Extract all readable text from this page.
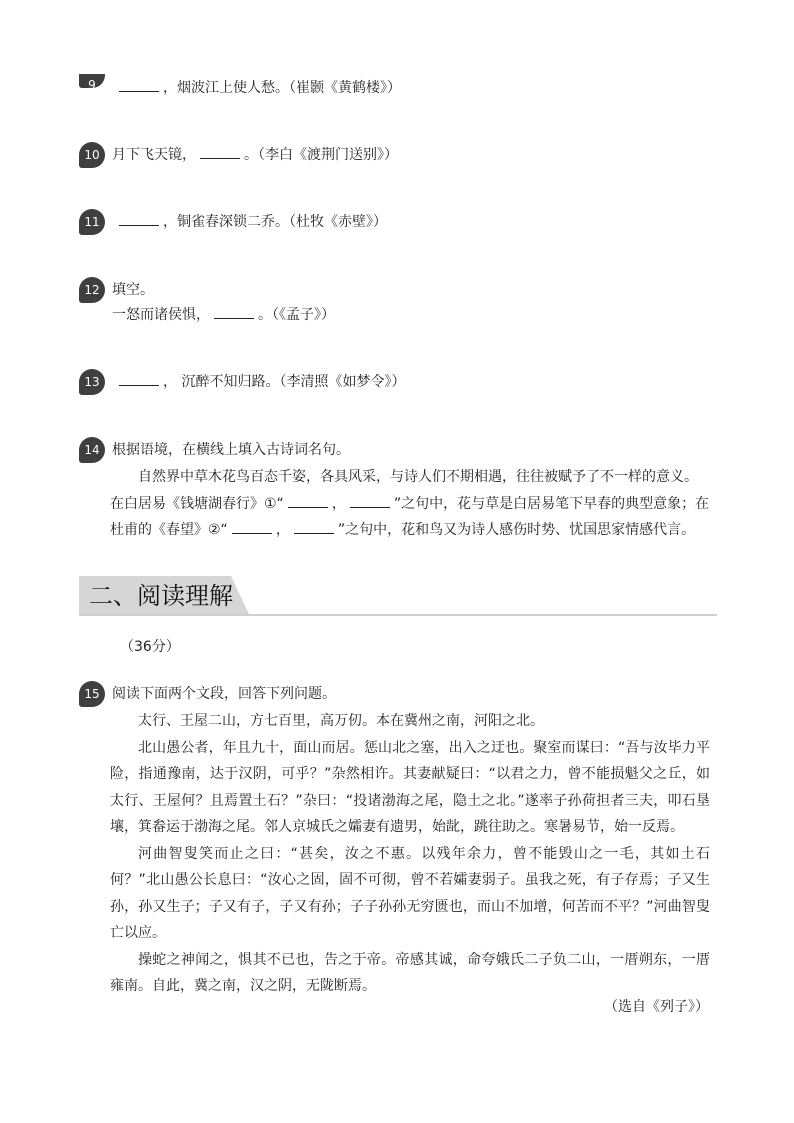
9	，烟波江上使人愁。（崔颢《黄鹤楼》）
10 月下飞天镜，	。（李白《渡荆门送别》）
11	，铜雀春深锁二乔。（杜牧《赤壁》）
12 填空。
一怒而诸侯惧，	。（《孟子》）
13	， 沉醉不知归路。（李清照《如梦令》）
14 根据语境，在横线上填入古诗词名句。
自然界中草木花鸟百态千姿，各具风采，与诗人们不期相遇，往往被赋予了不一样的意义。
在白居易《钱塘湖春行》①“	，	”之句中，花与草是白居易笔下早春的典型意象；在
杜甫的《春望》②“	，	”之句中，花和鸟又为诗人感伤时势、忧国思家情感代言。
二、阅读理解
（36分）
15 阅读下面两个文段，回答下列问题。
太行、王屋二山，方七百里，高万仞。本在冀州之南，河阳之北。
北山愚公者，年且九十，面山而居。惩山北之塞，出入之迂也。聚室而谋曰：“吾与汝毕力平险，指通豫南，达于汉阴，可乎？”杂然相许。其妻献疑曰：“以君之力，曾不能损魁父之丘，如太行、王屋何？且焉置土石？”杂曰：“投诸渤海之尾，隐土之北。”遂率子孙荷担者三夫，叩石垦壤，箕畚运于渤海之尾。邻人京城氏之孀妻有遗男，始龀，跳往助之。寒暑易节，始一反焉。
河曲智叟笑而止之曰：“甚矣，汝之不惠。以残年余力，曾不能毁山之一毛，其如土石何？”北山愚公长息曰：“汝心之固，固不可彻，曾不若孀妻弱子。虽我之死，有子存焉；子又生孙，孙又生子；子又有子，子又有孙；子子孙孙无穷匮也，而山不加增，何苦而不平？”河曲智叟亡以应。
操蛇之神闻之，惧其不已也，告之于帝。帝感其诚，命夸娥氏二子负二山，一厝朔东，一厝雍南。自此，冀之南，汉之阴，无陇断焉。
（选自《列子》）
